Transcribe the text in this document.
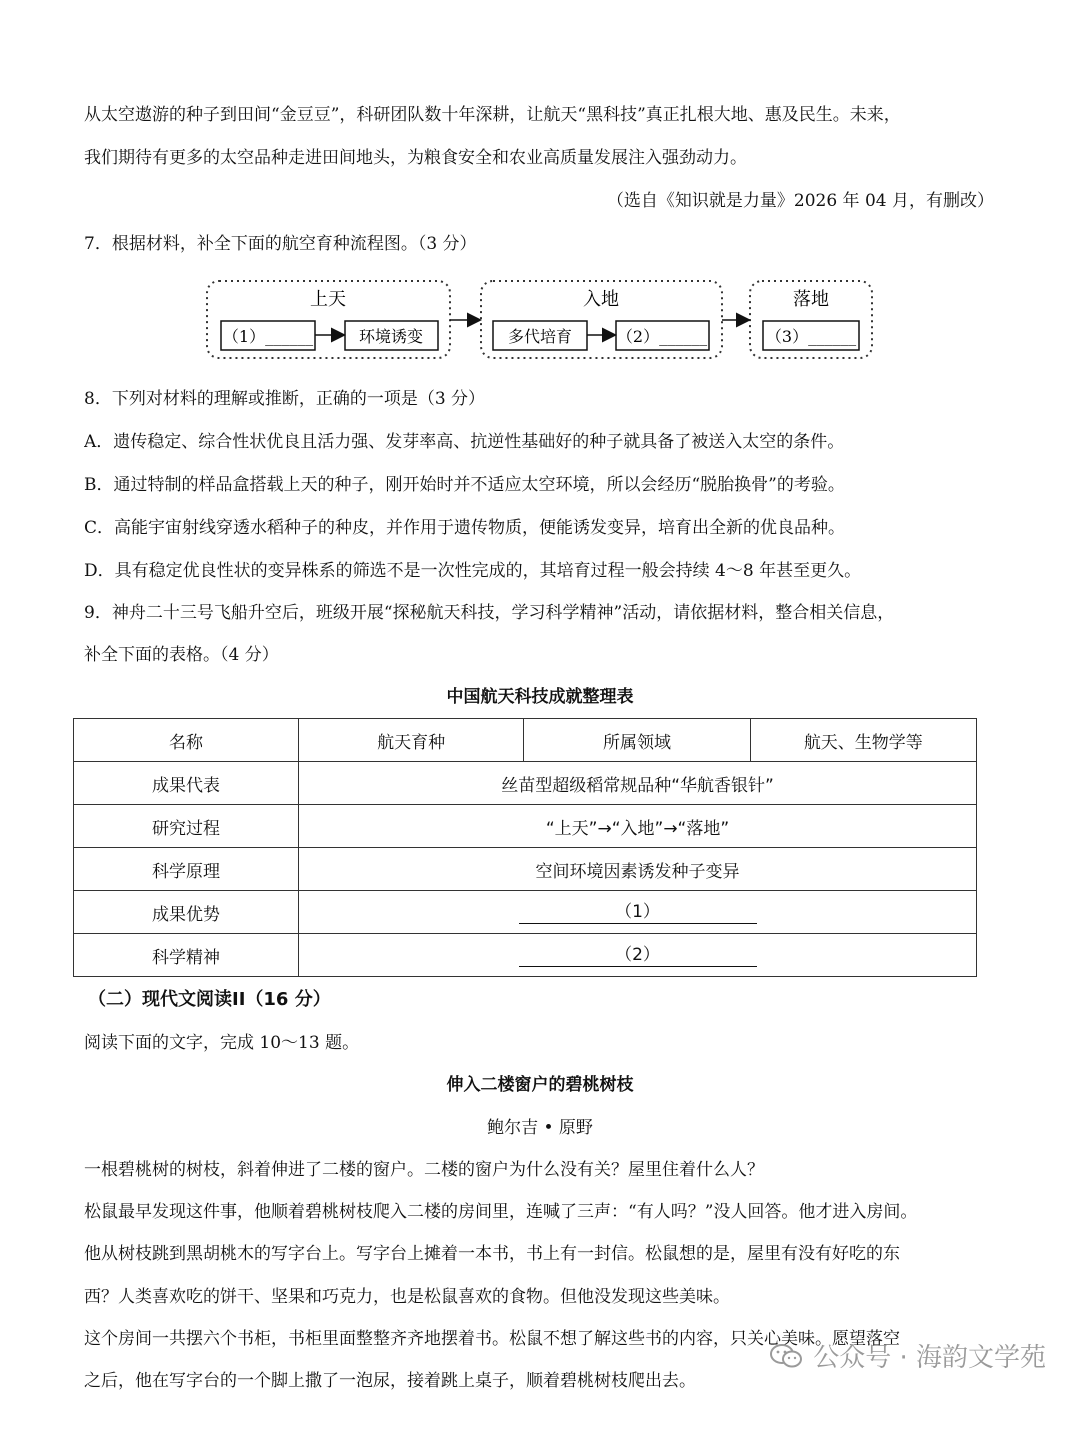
从太空遨游的种子到田间“金豆豆”，科研团队数十年深耕，让航天“黑科技”真正扎根大地、惠及民生。未来，
我们期待有更多的太空品种走进田间地头，为粮食安全和农业高质量发展注入强劲动力。
（选自《知识就是力量》2026 年 04 月，有删改）
7．根据材料，补全下面的航空育种流程图。（3 分）
上天	入地	落地
（1）______	环境诱变	多代培育	（2）______	（3）______
8．下列对材料的理解或推断，正确的一项是（3 分）
A．遗传稳定、综合性状优良且活力强、发芽率高、抗逆性基础好的种子就具备了被送入太空的条件。
B．通过特制的样品盒搭载上天的种子，刚开始时并不适应太空环境，所以会经历“脱胎换骨”的考验。
C．高能宇宙射线穿透水稻种子的种皮，并作用于遗传物质，便能诱发变异，培育出全新的优良品种。
D．具有稳定优良性状的变异株系的筛选不是一次性完成的，其培育过程一般会持续 4～8 年甚至更久。
9．神舟二十三号飞船升空后，班级开展“探秘航天科技，学习科学精神”活动，请依据材料，整合相关信息，
补全下面的表格。（4 分）
中国航天科技成就整理表
名称	航天育种	所属领域	航天、生物学等
成果代表	丝苗型超级稻常规品种“华航香银针”		
研究过程	“上天”→“入地”→“落地”		
科学原理	空间环境因素诱发种子变异		
成果优势	（1）		
科学精神	（2）		
（二）现代文阅读II（16 分）
阅读下面的文字，完成 10～13 题。
伸入二楼窗户的碧桃树枝
鲍尔吉 • 原野
一根碧桃树的树枝，斜着伸进了二楼的窗户。二楼的窗户为什么没有关？屋里住着什么人？
松鼠最早发现这件事，他顺着碧桃树枝爬入二楼的房间里，连喊了三声：“有人吗？”没人回答。他才进入房间。
他从树枝跳到黑胡桃木的写字台上。写字台上摊着一本书，书上有一封信。松鼠想的是，屋里有没有好吃的东
西？人类喜欢吃的饼干、坚果和巧克力，也是松鼠喜欢的食物。但他没发现这些美味。
这个房间一共摆六个书柜，书柜里面整整齐齐地摆着书。松鼠不想了解这些书的内容，只关心美味。愿望落空
之后，他在写字台的一个脚上撒了一泡尿，接着跳上桌子，顺着碧桃树枝爬出去。
公众号 · 海韵文学苑
